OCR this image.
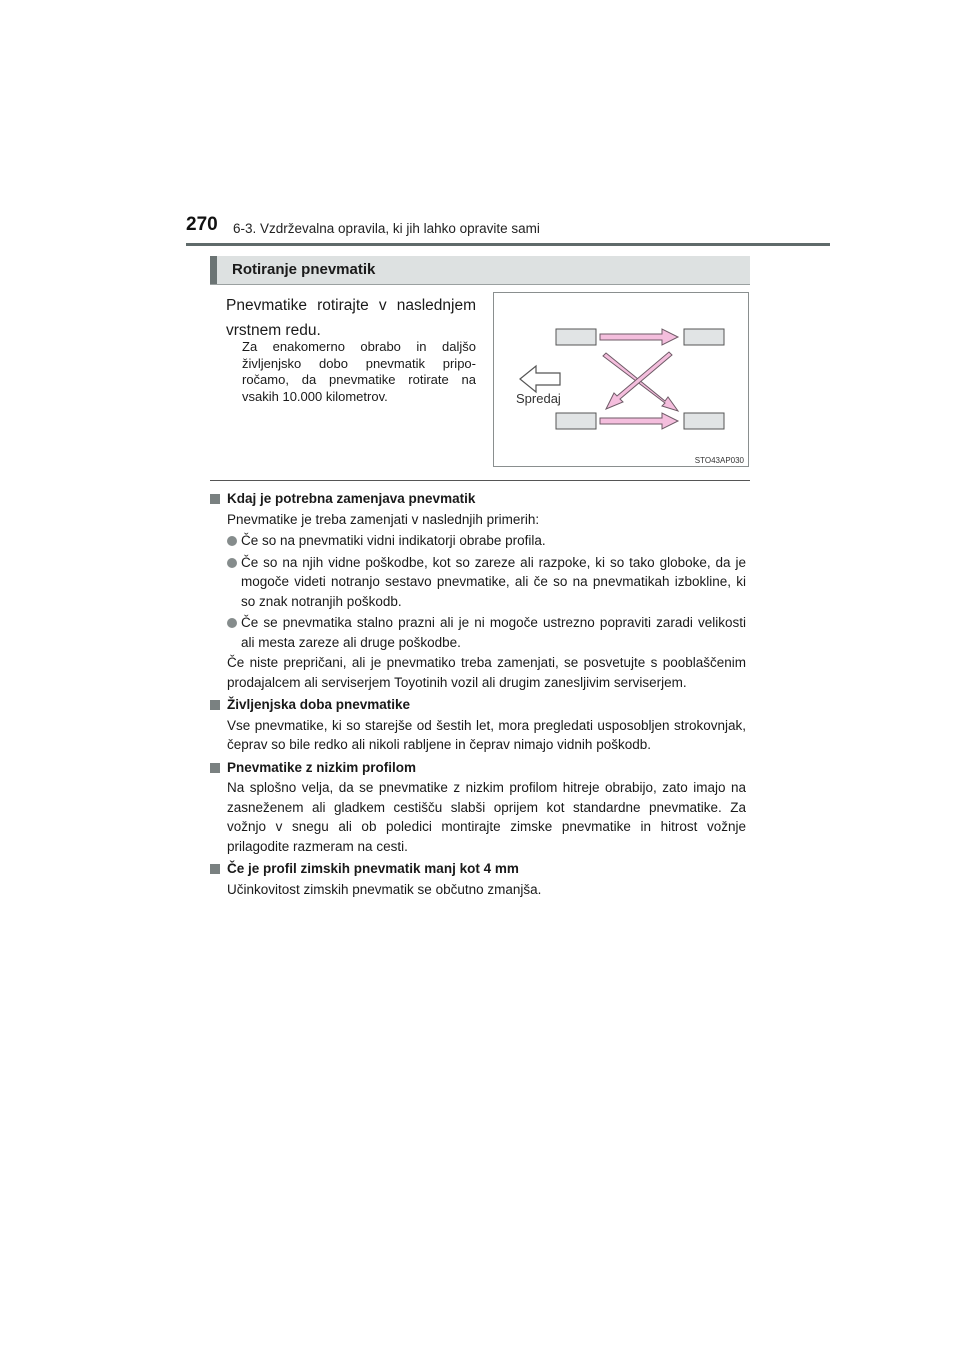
270 6-3. Vzdrževalna opravila, ki jih lahko opravite sami
Rotiranje pnevmatik
Pnevmatike rotirajte v naslednjem vrstnem redu.
Za enakomerno obrabo in daljšo življenjsko dobo pnevmatik priporočamo, da pnevmatike rotirate na vsakih 10.000 kilometrov.	Spredaj
STO43AP030
Kdaj je potrebna zamenjava pnevmatik
Pnevmatike je treba zamenjati v naslednjih primerih:
Če so na pnevmatiki vidni indikatorji obrabe profila.
Če so na njih vidne poškodbe, kot so zareze ali razpoke, ki so tako globoke, da je mogoče videti notranjo sestavo pnevmatike, ali če so na pnevmatikah izbokline, ki so znak notranjih poškodb.
Če se pnevmatika stalno prazni ali je ni mogoče ustrezno popraviti zaradi velikosti ali mesta zareze ali druge poškodbe.
Če niste prepričani, ali je pnevmatiko treba zamenjati, se posvetujte s pooblaščenim prodajalcem ali serviserjem Toyotinih vozil ali drugim zanesljivim serviserjem.
Življenjska doba pnevmatike
Vse pnevmatike, ki so starejše od šestih let, mora pregledati usposobljen strokovnjak, čeprav so bile redko ali nikoli rabljene in čeprav nimajo vidnih poškodb.
Pnevmatike z nizkim profilom
Na splošno velja, da se pnevmatike z nizkim profilom hitreje obrabijo, zato imajo na zasneženem ali gladkem cestišču slabši oprijem kot standardne pnevmatike. Za vožnjo v snegu ali ob poledici montirajte zimske pnevmatike in hitrost vožnje prilagodite razmeram na cesti.
Če je profil zimskih pnevmatik manj kot 4 mm
Učinkovitost zimskih pnevmatik se občutno zmanjša.
